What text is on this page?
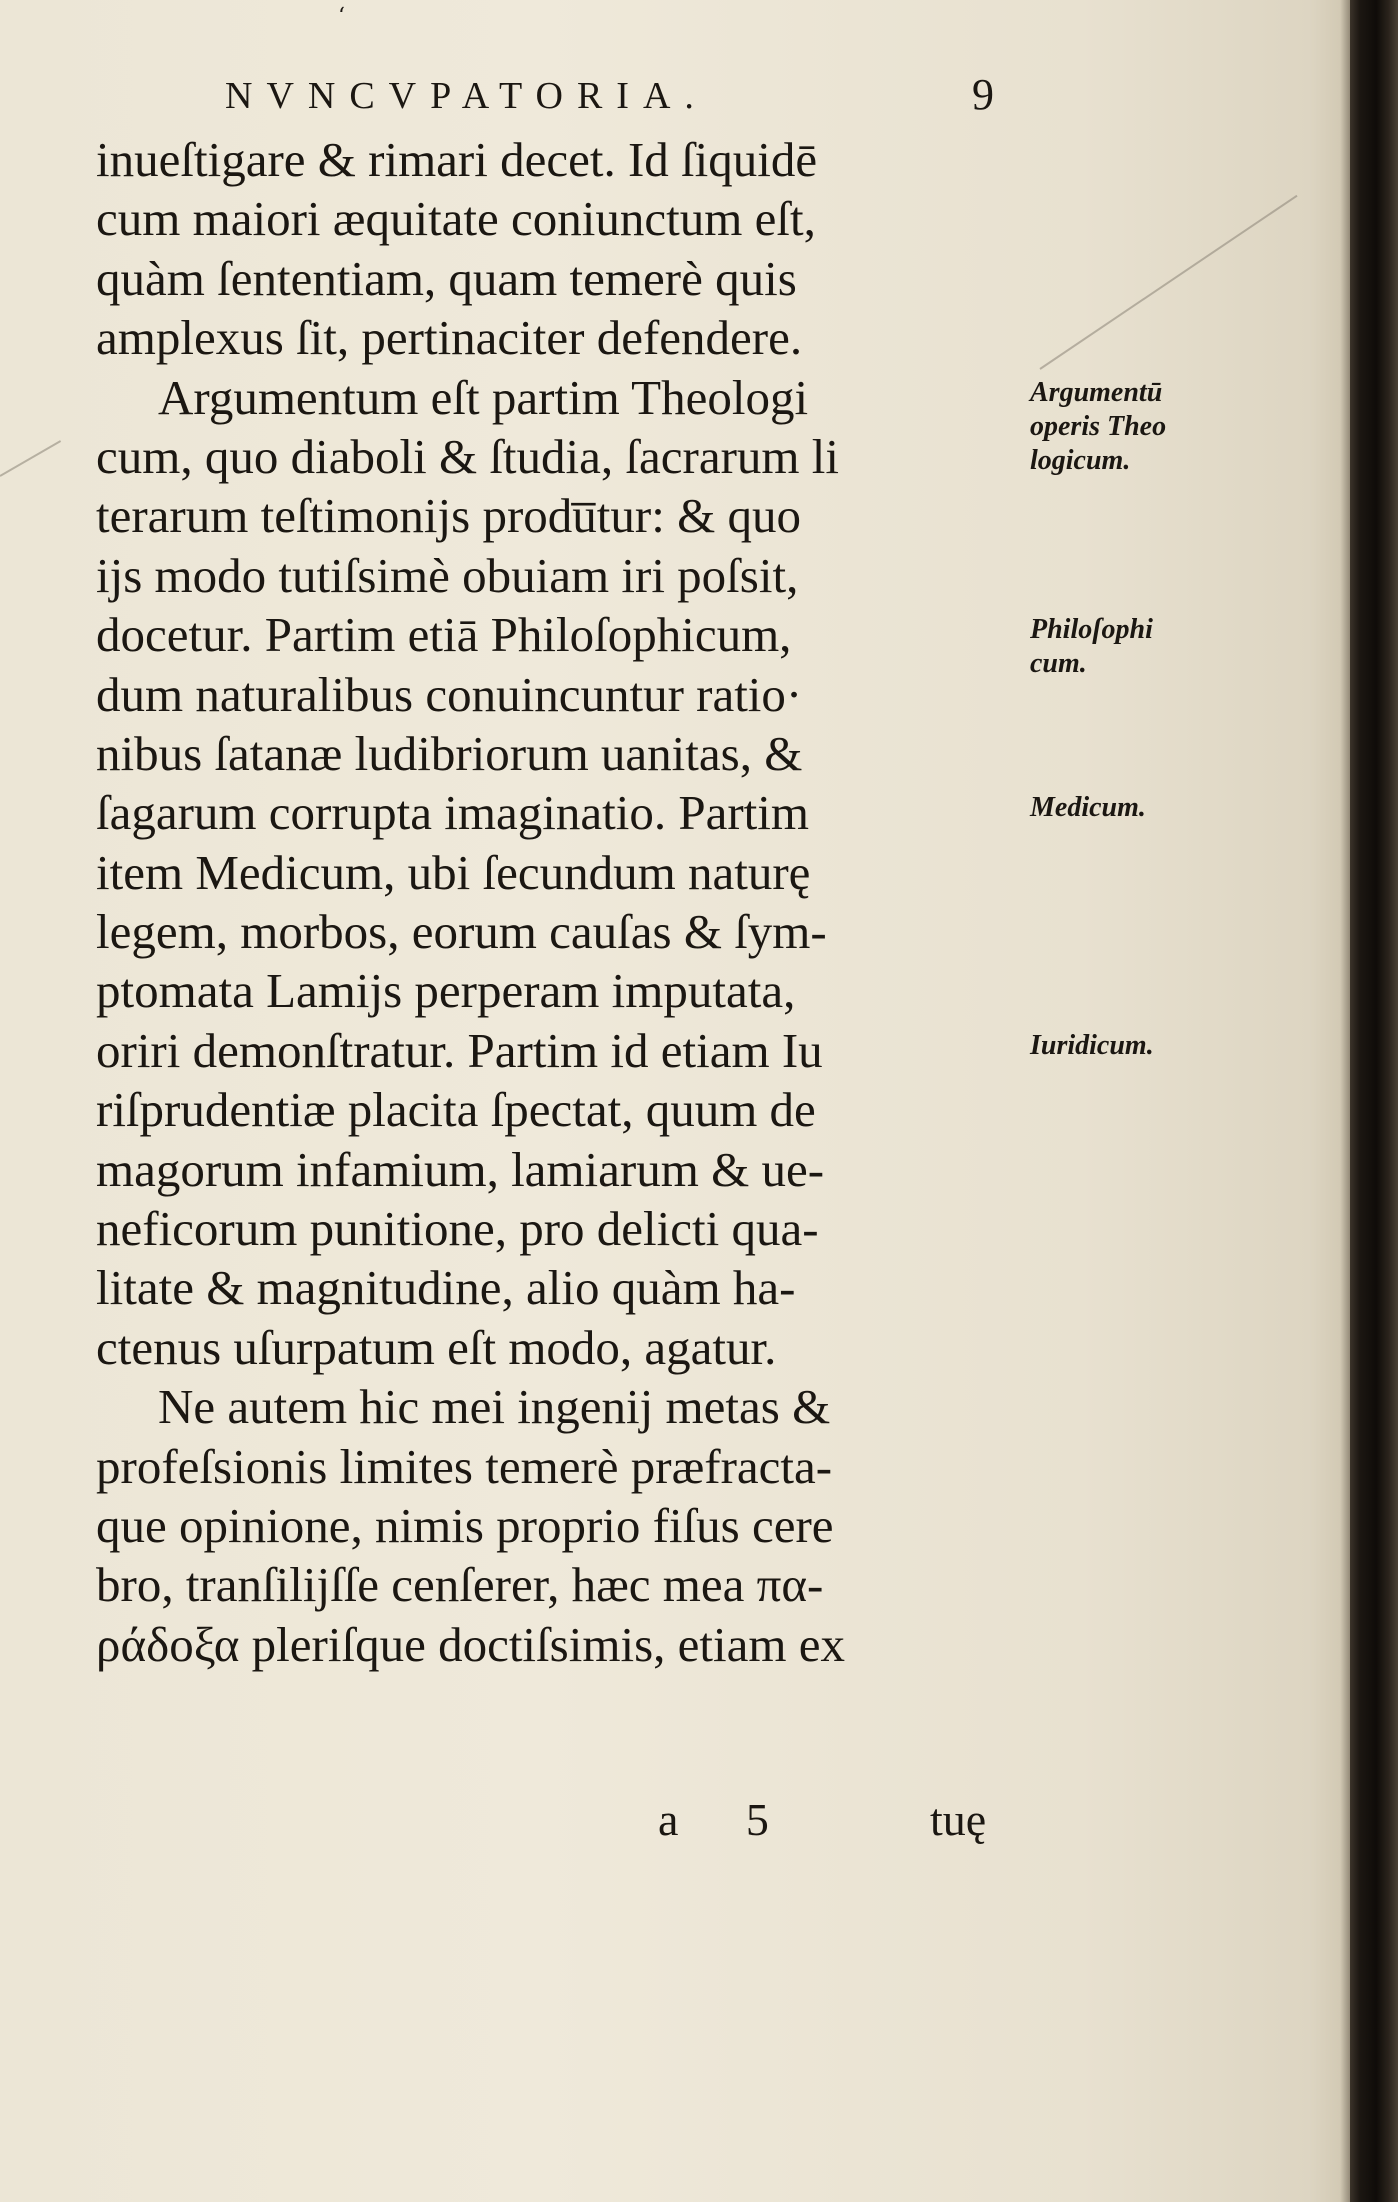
ʻ
NVNCVPATORIA.	9
inueſtigare & rimari decet. Id ſiquidē
cum maiori æquitate coniunctum eſt,
quàm ſententiam, quam temerè quis
amplexus ſit, pertinaciter defendere.
Argumentum eſt partim Theologi
cum, quo diaboli & ſtudia, ſacrarum li
terarum teſtimonijs produ̅tur: & quo
ijs modo tutiſsimè obuiam iri poſsit,
docetur. Partim etiā Philoſophicum,
dum naturalibus conuincuntur ratio·
nibus ſatanæ ludibriorum uanitas, &
ſagarum corrupta imaginatio. Partim
item Medicum, ubi ſecundum naturę
legem, morbos, eorum cauſas & ſym‐
ptomata Lamijs perperam imputata,
oriri demonſtratur. Partim id etiam Iu
riſprudentiæ placita ſpectat, quum de
magorum infamium, lamiarum & ue‐
neficorum punitione, pro delicti qua‐
litate & magnitudine, alio quàm ha‐
ctenus uſurpatum eſt modo, agatur.
Ne autem hic mei ingenij metas &
profeſsionis limites temerè præfracta‐
que opinione, nimis proprio fiſus cere
bro, tranſilijſſe cenſerer, hæc mea πα‐
ράδοξα pleriſque doctiſsimis, etiam ex
Argumentū
operis Theo
logicum.
Philoſophi
cum.
Medicum.
Iuridicum.
a 5	tuę
